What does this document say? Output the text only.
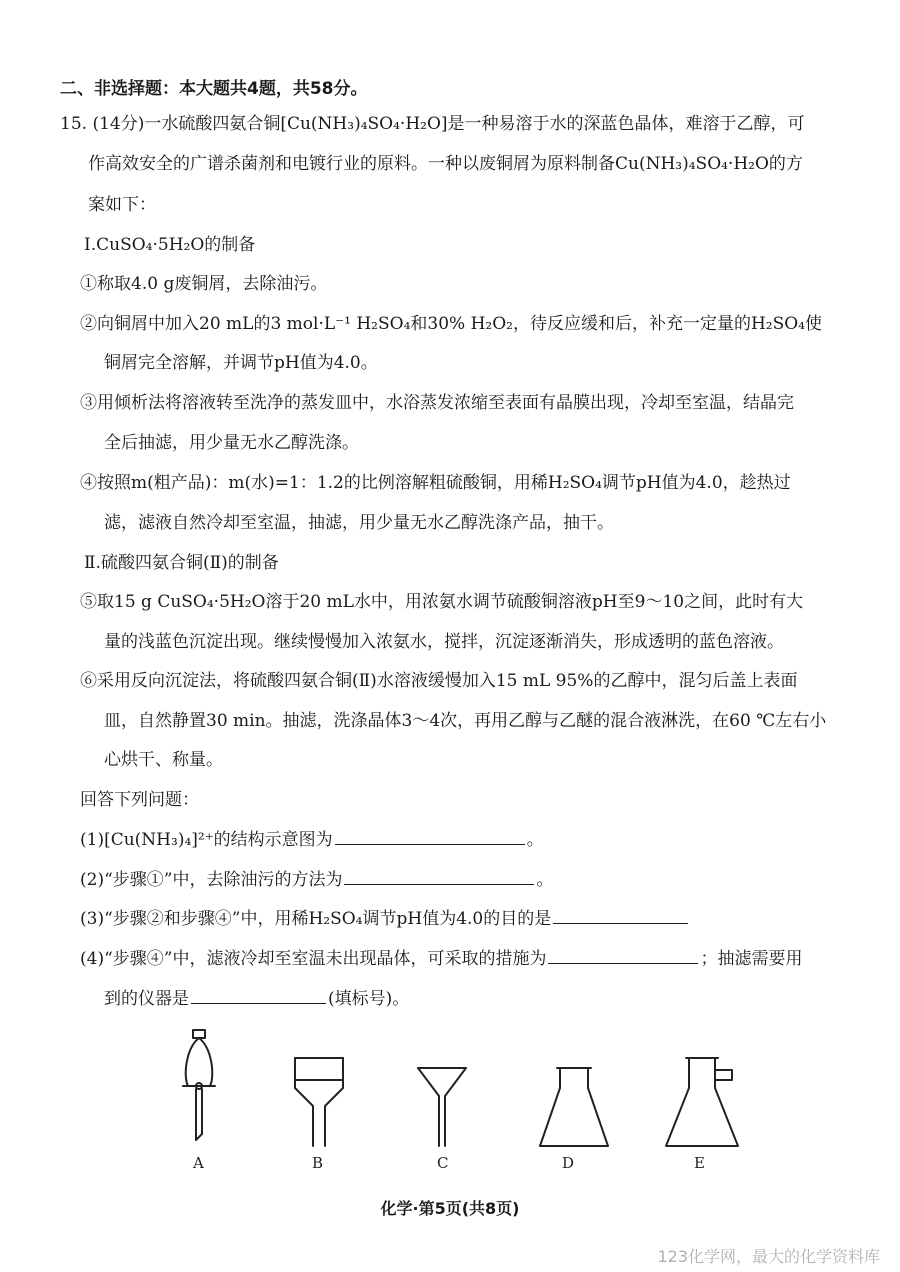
二、非选择题：本大题共4题，共58分。
15. (14分)一水硫酸四氨合铜[Cu(NH₃)₄SO₄·H₂O]是一种易溶于水的深蓝色晶体，难溶于乙醇，可
作高效安全的广谱杀菌剂和电镀行业的原料。一种以废铜屑为原料制备Cu(NH₃)₄SO₄·H₂O的方
案如下：
Ⅰ.CuSO₄·5H₂O的制备
①称取4.0 g废铜屑，去除油污。
②向铜屑中加入20 mL的3 mol·L⁻¹ H₂SO₄和30% H₂O₂，待反应缓和后，补充一定量的H₂SO₄使
铜屑完全溶解，并调节pH值为4.0。
③用倾析法将溶液转至洗净的蒸发皿中，水浴蒸发浓缩至表面有晶膜出现，冷却至室温，结晶完
全后抽滤，用少量无水乙醇洗涤。
④按照m(粗产品)：m(水)=1：1.2的比例溶解粗硫酸铜，用稀H₂SO₄调节pH值为4.0，趁热过
滤，滤液自然冷却至室温，抽滤，用少量无水乙醇洗涤产品，抽干。
Ⅱ.硫酸四氨合铜(Ⅱ)的制备
⑤取15 g CuSO₄·5H₂O溶于20 mL水中，用浓氨水调节硫酸铜溶液pH至9～10之间，此时有大
量的浅蓝色沉淀出现。继续慢慢加入浓氨水，搅拌，沉淀逐渐消失，形成透明的蓝色溶液。
⑥采用反向沉淀法，将硫酸四氨合铜(Ⅱ)水溶液缓慢加入15 mL 95%的乙醇中，混匀后盖上表面
皿，自然静置30 min。抽滤，洗涤晶体3～4次，再用乙醇与乙醚的混合液淋洗，在60 ℃左右小
心烘干、称量。
回答下列问题：
(1)[Cu(NH₃)₄]²⁺的结构示意图为	。
(2)“步骤①”中，去除油污的方法为	。
(3)“步骤②和步骤④”中，用稀H₂SO₄调节pH值为4.0的目的是
(4)“步骤④”中，滤液冷却至室温未出现晶体，可采取的措施为	；抽滤需要用
到的仪器是	(填标号)。
A	B	C	D	E
化学·第5页(共8页)
123化学网，最大的化学资料库
